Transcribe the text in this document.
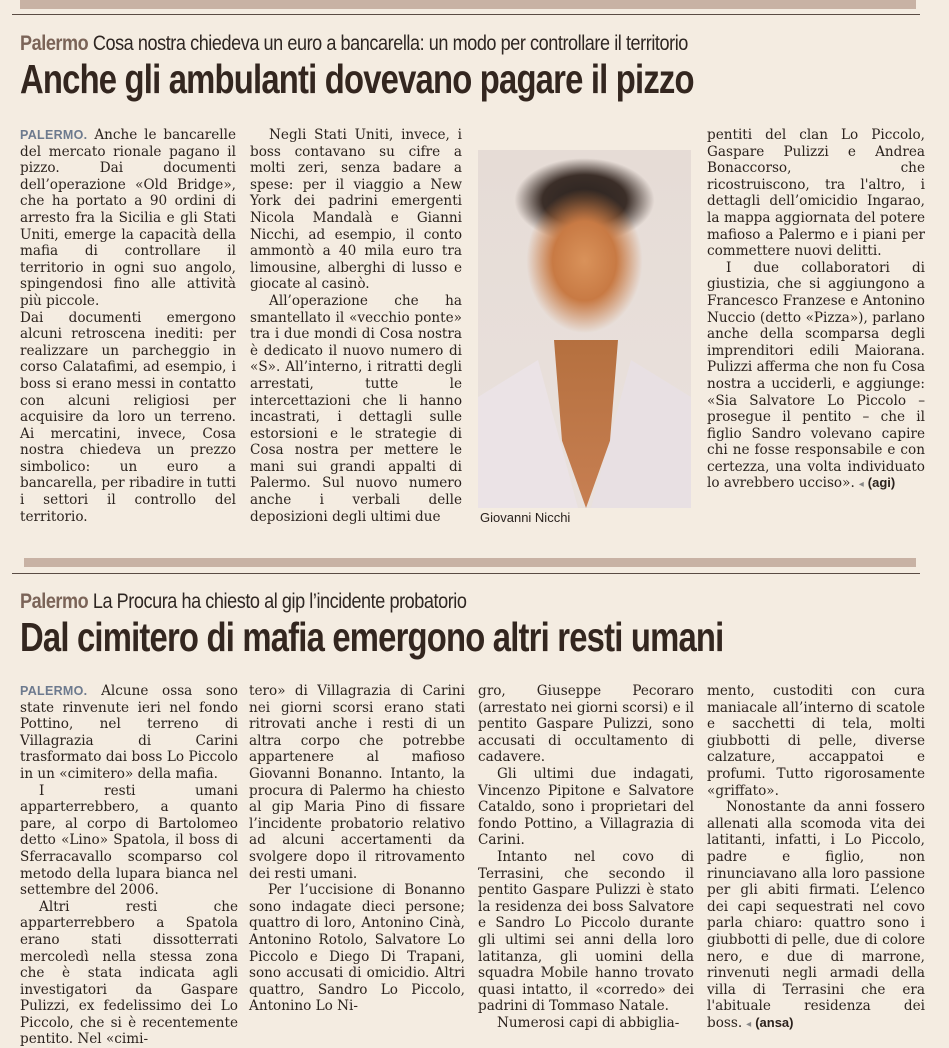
Palermo Cosa nostra chiedeva un euro a bancarella: un modo per controllare il territorio
Anche gli ambulanti dovevano pagare il pizzo

PALERMO. Anche le bancarelle del mercato rionale pagano il pizzo. Dai documenti dell’operazione «Old Bridge», che ha portato a 90 ordini di arresto fra la Sicilia e gli Stati Uniti, emerge la capacità della mafia di controllare il territorio in ogni suo angolo, spingendosi fino alle attività più piccole.

Dai documenti emergono alcuni retroscena inediti: per realizzare un parcheggio in corso Calatafimi, ad esempio, i boss si erano messi in contatto con alcuni religiosi per acquisire da loro un terreno. Ai mercatini, invece, Cosa nostra chiedeva un prezzo simbolico: un euro a bancarella, per ribadire in tutti i settori il controllo del territorio.

Negli Stati Uniti, invece, i boss contavano su cifre a molti zeri, senza badare a spese: per il viaggio a New York dei padrini emergenti Nicola Mandalà e Gianni Nicchi, ad esempio, il conto ammontò a 40 mila euro tra limousine, alberghi di lusso e giocate al casinò.

All’operazione che ha smantellato il «vecchio ponte» tra i due mondi di Cosa nostra è dedicato il nuovo numero di «S». All’interno, i ritratti degli arrestati, tutte le intercettazioni che li hanno incastrati, i dettagli sulle estorsioni e le strategie di Cosa nostra per mettere le mani sui grandi appalti di Palermo. Sul nuovo numero anche i verbali delle deposizioni degli ultimi due

pentiti del clan Lo Piccolo, Gaspare Pulizzi e Andrea Bonaccorso, che ricostruiscono, tra l'altro, i dettagli dell’omicidio Ingarao, la mappa aggiornata del potere mafioso a Palermo e i piani per commettere nuovi delitti.

I due collaboratori di giustizia, che si aggiungono a Francesco Franzese e Antonino Nuccio (detto «Pizza»), parlano anche della scomparsa degli imprenditori edili Maiorana. Pulizzi afferma che non fu Cosa nostra a ucciderli, e aggiunge: «Sia Salvatore Lo Piccolo – prosegue il pentito – che il figlio Sandro volevano capire chi ne fosse responsabile e con certezza, una volta individuato lo avrebbero ucciso». ◂ (agi)

Giovanni Nicchi
Palermo La Procura ha chiesto al gip l’incidente probatorio
Dal cimitero di mafia emergono altri resti umani

PALERMO. Alcune ossa sono state rinvenute ieri nel fondo Pottino, nel terreno di Villagrazia di Carini trasformato dai boss Lo Piccolo in un «cimitero» della mafia.

I resti umani apparterrebbero, a quanto pare, al corpo di Bartolomeo detto «Lino» Spatola, il boss di Sferracavallo scomparso col metodo della lupara bianca nel settembre del 2006.

Altri resti che apparterrebbero a Spatola erano stati dissotterrati mercoledì nella stessa zona che è stata indicata agli investigatori da Gaspare Pulizzi, ex fedelissimo dei Lo Piccolo, che si è recentemente pentito. Nel «cimi-

tero» di Villagrazia di Carini nei giorni scorsi erano stati ritrovati anche i resti di un altra corpo che potrebbe appartenere al mafioso Giovanni Bonanno. Intanto, la procura di Palermo ha chiesto al gip Maria Pino di fissare l’incidente probatorio relativo ad alcuni accertamenti da svolgere dopo il ritrovamento dei resti umani.

Per l’uccisione di Bonanno sono indagate dieci persone; quattro di loro, Antonino Cinà, Antonino Rotolo, Salvatore Lo Piccolo e Diego Di Trapani, sono accusati di omicidio. Altri quattro, Sandro Lo Piccolo, Antonino Lo Ni-

gro, Giuseppe Pecoraro (arrestato nei giorni scorsi) e il pentito Gaspare Pulizzi, sono accusati di occultamento di cadavere.

Gli ultimi due indagati, Vincenzo Pipitone e Salvatore Cataldo, sono i proprietari del fondo Pottino, a Villagrazia di Carini.

Intanto nel covo di Terrasini, che secondo il pentito Gaspare Pulizzi è stato la residenza dei boss Salvatore e Sandro Lo Piccolo durante gli ultimi sei anni della loro latitanza, gli uomini della squadra Mobile hanno trovato quasi intatto, il «corredo» dei padrini di Tommaso Natale.

Numerosi capi di abbiglia-

mento, custoditi con cura maniacale all’interno di scatole e sacchetti di tela, molti giubbotti di pelle, diverse calzature, accappatoi e profumi. Tutto rigorosamente «griffato».

Nonostante da anni fossero allenati alla scomoda vita dei latitanti, infatti, i Lo Piccolo, padre e figlio, non rinunciavano alla loro passione per gli abiti firmati. L’elenco dei capi sequestrati nel covo parla chiaro: quattro sono i giubbotti di pelle, due di colore nero, e due di marrone, rinvenuti negli armadi della villa di Terrasini che era l'abituale residenza dei boss. ◂ (ansa)
